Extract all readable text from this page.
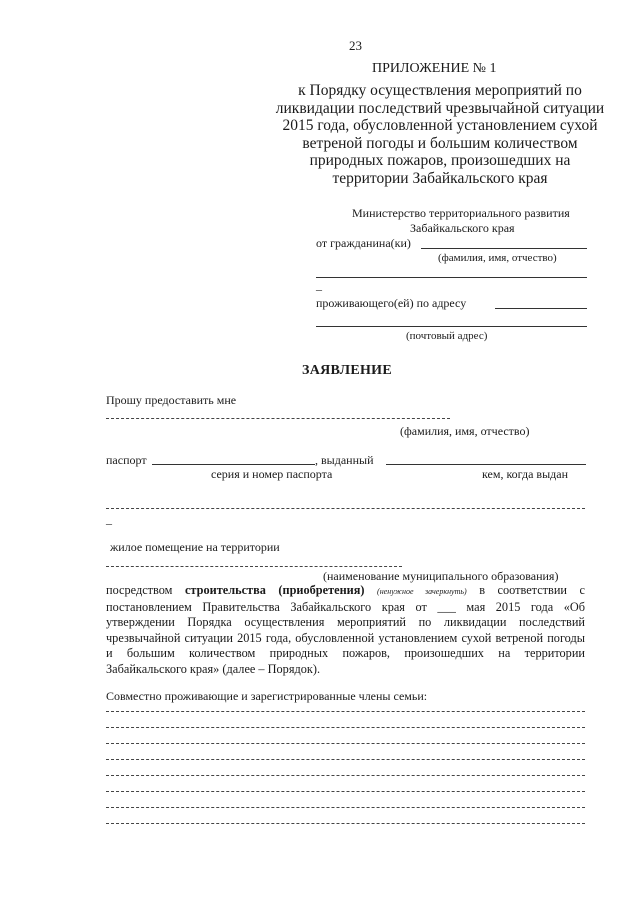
23
ПРИЛОЖЕНИЕ № 1
к Порядку осуществления мероприятий по
ликвидации последствий чрезвычайной ситуации
2015 года, обусловленной установлением сухой
ветреной погоды и большим количеством
природных пожаров, произошедших на
территории Забайкальского края
Министерство территориального развития
Забайкальского края
от гражданина(ки)
(фамилия, имя, отчество)
_
проживающего(ей) по адресу
(почтовый адрес)
ЗАЯВЛЕНИЕ
Прошу предоставить мне
(фамилия, имя, отчество)
паспорт	, выданный
серия и номер паспорта	кем, когда выдан
_
жилое помещение на территории
(наименование муниципального образования)
посредством строительства (приобретения) (ненужное зачеркнуть) в соответствии с постановлением Правительства Забайкальского края от ___ мая 2015 года «Об утверждении Порядка осуществления мероприятий по ликвидации последствий чрезвычайной ситуации 2015 года, обусловленной установлением сухой ветреной погоды и большим количеством природных пожаров, произошедших на территории Забайкальского края» (далее – Порядок).
Совместно проживающие и зарегистрированные члены семьи:
